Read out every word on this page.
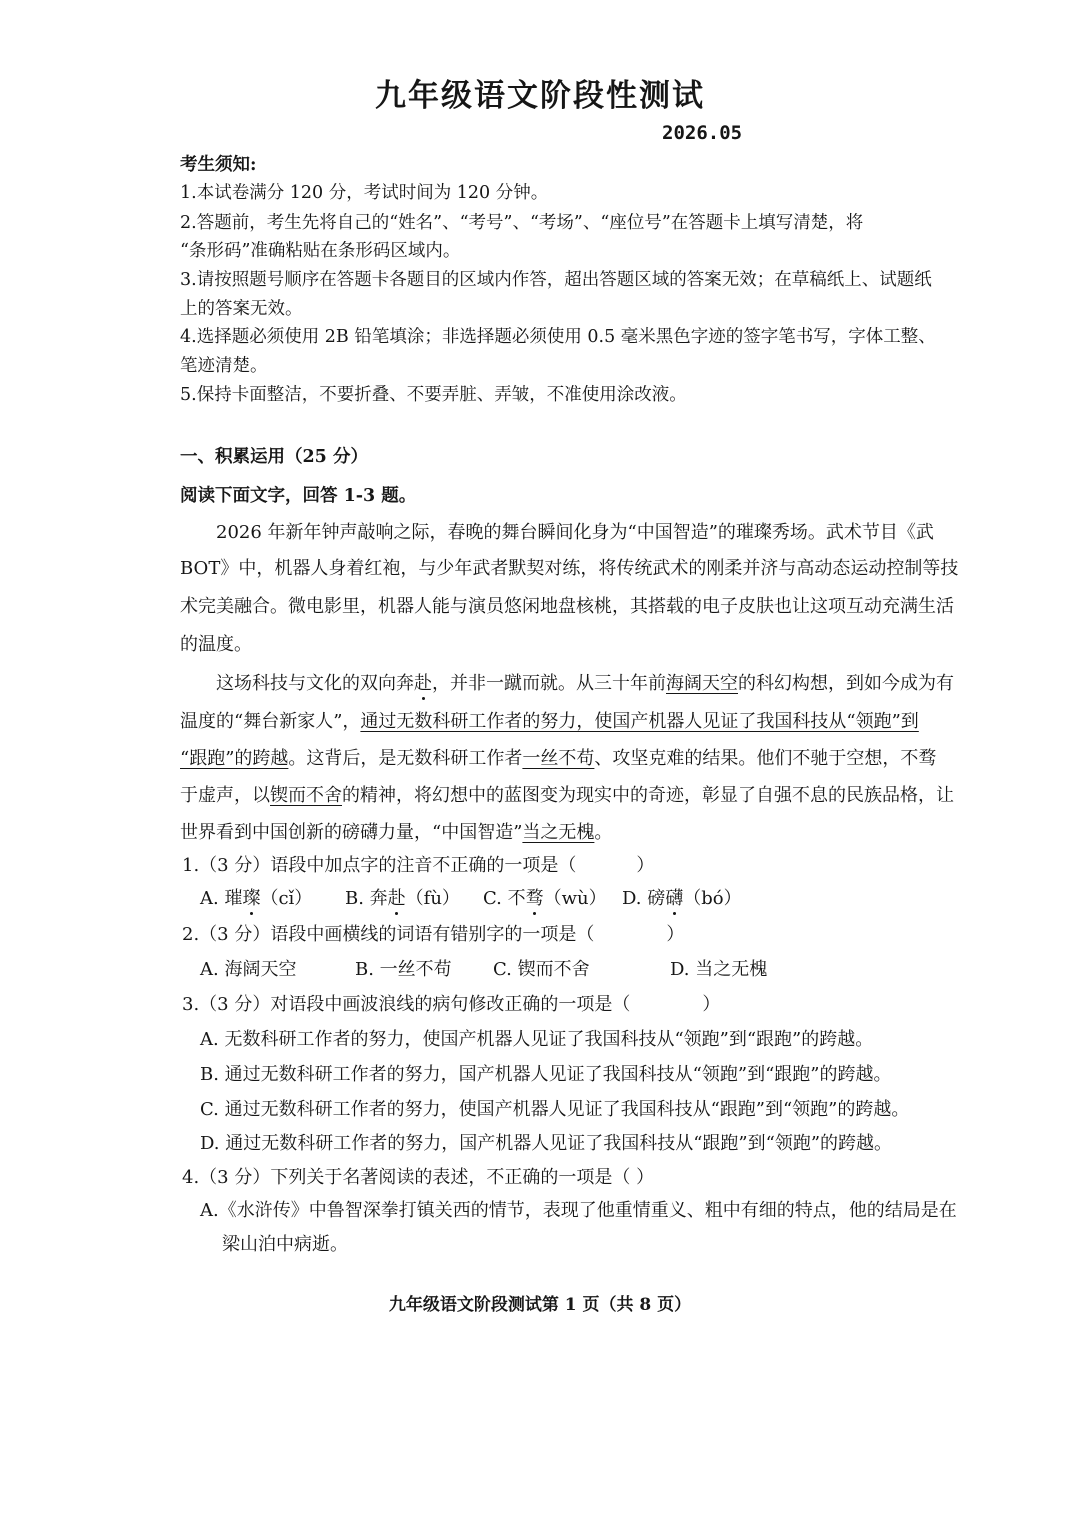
九年级语文阶段性测试
2026.05
考生须知:
1.本试卷满分 120 分，考试时间为 120 分钟。
2.答题前，考生先将自己的“姓名”、“考号”、“考场”、“座位号”在答题卡上填写清楚，将
“条形码”准确粘贴在条形码区域内。
3.请按照题号顺序在答题卡各题目的区域内作答，超出答题区域的答案无效；在草稿纸上、试题纸
上的答案无效。
4.选择题必须使用 2B 铅笔填涂；非选择题必须使用 0.5 毫米黑色字迹的签字笔书写，字体工整、
笔迹清楚。
5.保持卡面整洁，不要折叠、不要弄脏、弄皱，不准使用涂改液。
一、积累运用（25 分）
阅读下面文字，回答 1-3 题。
　　2026 年新年钟声敲响之际，春晚的舞台瞬间化身为“中国智造”的璀璨秀场。武术节目《武
BOT》中，机器人身着红袍，与少年武者默契对练，将传统武术的刚柔并济与高动态运动控制等技
术完美融合。微电影里，机器人能与演员悠闲地盘核桃，其搭载的电子皮肤也让这项互动充满生活
的温度。
　　这场科技与文化的双向奔赴，并非一蹴而就。从三十年前海阔天空的科幻构想，到如今成为有
温度的“舞台新家人”，通过无数科研工作者的努力，使国产机器人见证了我国科技从“领跑”到
“跟跑”的跨越。这背后，是无数科研工作者一丝不苟、攻坚克难的结果。他们不驰于空想，不骛
于虚声，以锲而不舍的精神，将幻想中的蓝图变为现实中的奇迹，彰显了自强不息的民族品格，让
世界看到中国创新的磅礴力量，“中国智造”当之无槐。
1.（3 分）语段中加点字的注音不正确的一项是（	）
A. 璀璨（cǐ） B. 奔赴（fù） C. 不骛（wù） D. 磅礴（bó）
2.（3 分）语段中画横线的词语有错别字的一项是（	）
A. 海阔天空	B. 一丝不苟 C. 锲而不舍	D. 当之无槐
3.（3 分）对语段中画波浪线的病句修改正确的一项是（	）
A. 无数科研工作者的努力，使国产机器人见证了我国科技从“领跑”到“跟跑”的跨越。
B. 通过无数科研工作者的努力，国产机器人见证了我国科技从“领跑”到“跟跑”的跨越。
C. 通过无数科研工作者的努力，使国产机器人见证了我国科技从“跟跑”到“领跑”的跨越。
D. 通过无数科研工作者的努力，国产机器人见证了我国科技从“跟跑”到“领跑”的跨越。
4.（3 分）下列关于名著阅读的表述，不正确的一项是（ ）
A.《水浒传》中鲁智深拳打镇关西的情节，表现了他重情重义、粗中有细的特点，他的结局是在
梁山泊中病逝。
九年级语文阶段测试第 1 页（共 8 页）
